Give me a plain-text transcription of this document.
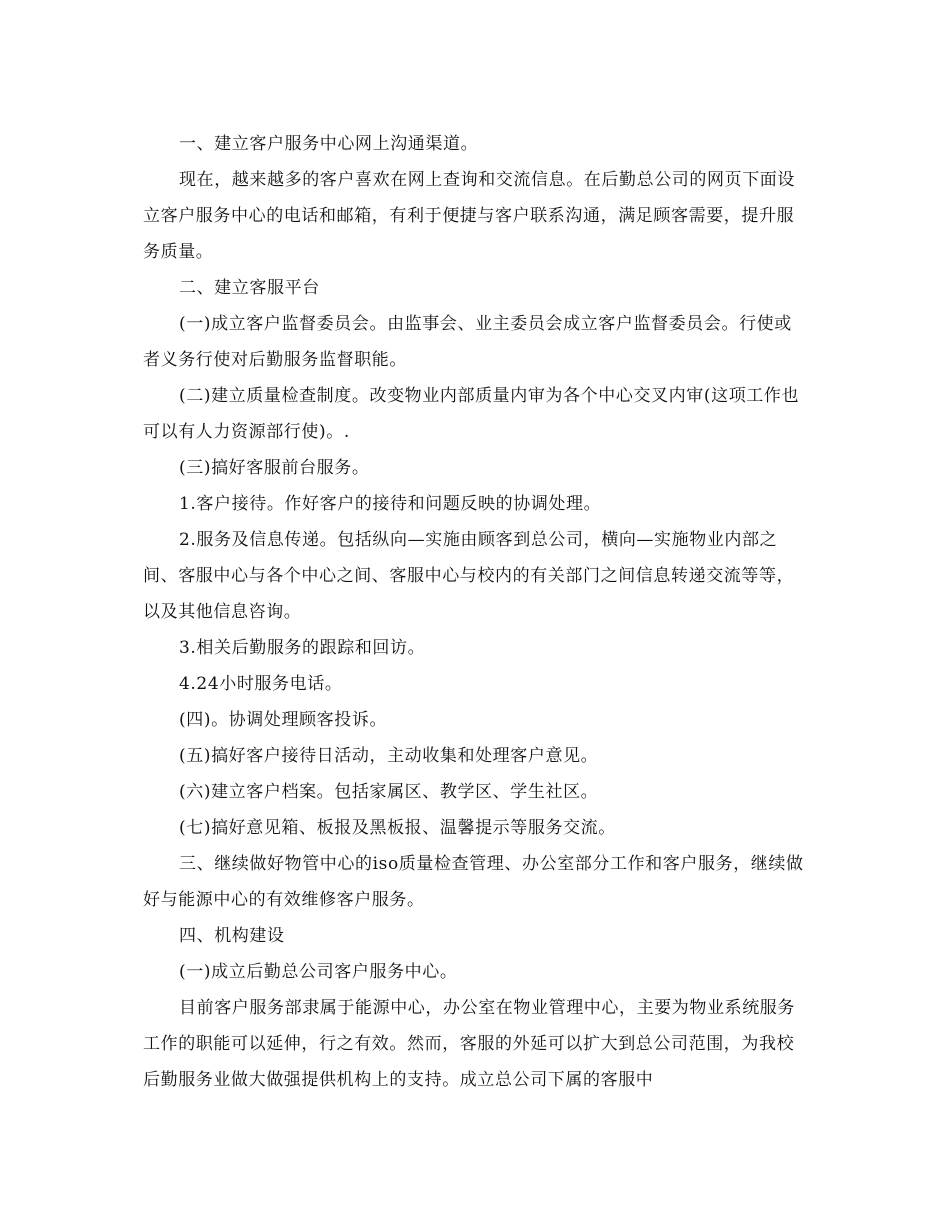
一、建立客户服务中心网上沟通渠道。

现在，越来越多的客户喜欢在网上查询和交流信息。在后勤总公司的网页下面设立客户服务中心的电话和邮箱，有利于便捷与客户联系沟通，满足顾客需要，提升服务质量。

二、建立客服平台

(一)成立客户监督委员会。由监事会、业主委员会成立客户监督委员会。行使或者义务行使对后勤服务监督职能。

(二)建立质量检查制度。改变物业内部质量内审为各个中心交叉内审(这项工作也可以有人力资源部行使)。.

(三)搞好客服前台服务。

1.客户接待。作好客户的接待和问题反映的协调处理。

2.服务及信息传递。包括纵向—实施由顾客到总公司，横向—实施物业内部之间、客服中心与各个中心之间、客服中心与校内的有关部门之间信息转递交流等等，以及其他信息咨询。

3.相关后勤服务的跟踪和回访。

4.24小时服务电话。

(四)。协调处理顾客投诉。

(五)搞好客户接待日活动，主动收集和处理客户意见。

(六)建立客户档案。包括家属区、教学区、学生社区。

(七)搞好意见箱、板报及黑板报、温馨提示等服务交流。

三、继续做好物管中心的iso质量检查管理、办公室部分工作和客户服务，继续做好与能源中心的有效维修客户服务。

四、机构建设

(一)成立后勤总公司客户服务中心。

目前客户服务部隶属于能源中心，办公室在物业管理中心，主要为物业系统服务工作的职能可以延伸，行之有效。然而，客服的外延可以扩大到总公司范围，为我校后勤服务业做大做强提供机构上的支持。成立总公司下属的客服中
